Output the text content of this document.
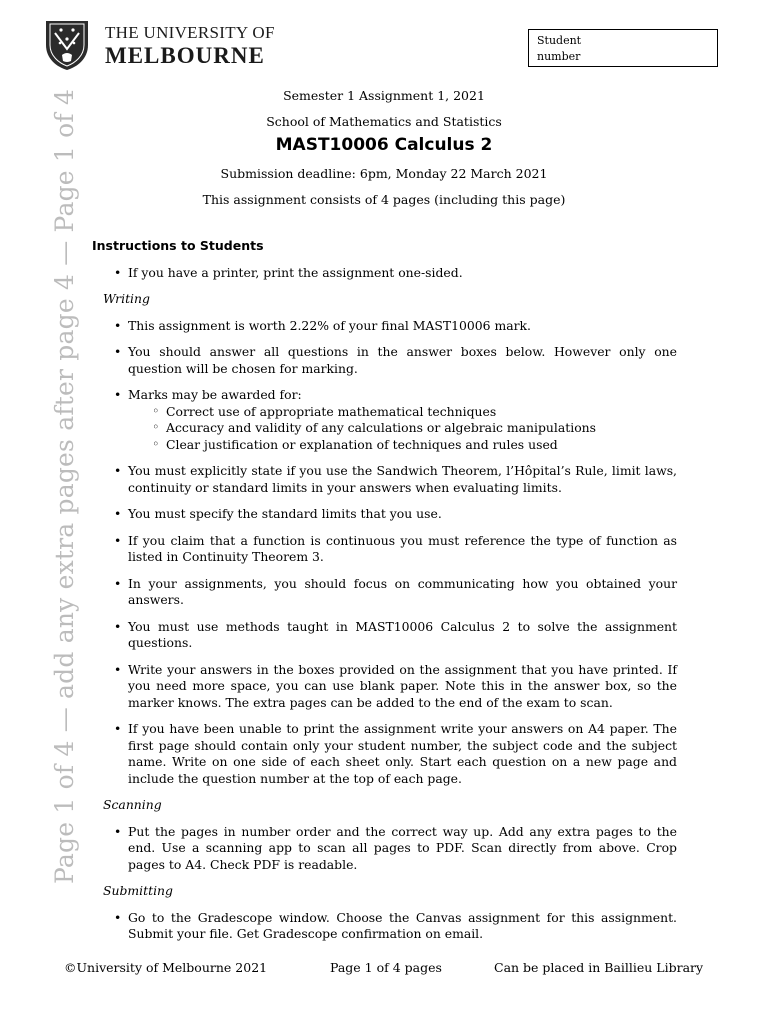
THE UNIVERSITY OF
MELBOURNE
Student
number
Page 1 of 4 — add any extra pages after page 4 — Page 1 of 4	Semester 1 Assignment 1, 2021
School of Mathematics and Statistics
MAST10006 Calculus 2
Submission deadline: 6pm, Monday 22 March 2021
This assignment consists of 4 pages (including this page)
Instructions to Students
• If you have a printer, print the assignment one-sided.
Writing
• This assignment is worth 2.22% of your final MAST10006 mark.
• You should answer all questions in the answer boxes below. However only one question will be chosen for marking.
• Marks may be awarded for:
◦ Correct use of appropriate mathematical techniques
◦ Accuracy and validity of any calculations or algebraic manipulations
◦ Clear justification or explanation of techniques and rules used
• You must explicitly state if you use the Sandwich Theorem, l’Hôpital’s Rule, limit laws, continuity or standard limits in your answers when evaluating limits.
• You must specify the standard limits that you use.
• If you claim that a function is continuous you must reference the type of function as listed in Continuity Theorem 3.
• In your assignments, you should focus on communicating how you obtained your answers.
• You must use methods taught in MAST10006 Calculus 2 to solve the assignment questions.
• Write your answers in the boxes provided on the assignment that you have printed. If you need more space, you can use blank paper. Note this in the answer box, so the marker knows. The extra pages can be added to the end of the exam to scan.
• If you have been unable to print the assignment write your answers on A4 paper. The first page should contain only your student number, the subject code and the subject name. Write on one side of each sheet only. Start each question on a new page and include the question number at the top of each page.
Scanning
• Put the pages in number order and the correct way up. Add any extra pages to the end. Use a scanning app to scan all pages to PDF. Scan directly from above. Crop pages to A4. Check PDF is readable.
Submitting
• Go to the Gradescope window. Choose the Canvas assignment for this assignment. Submit your file. Get Gradescope confirmation on email.
©University of Melbourne 2021	Page 1 of 4 pages	Can be placed in Baillieu Library
